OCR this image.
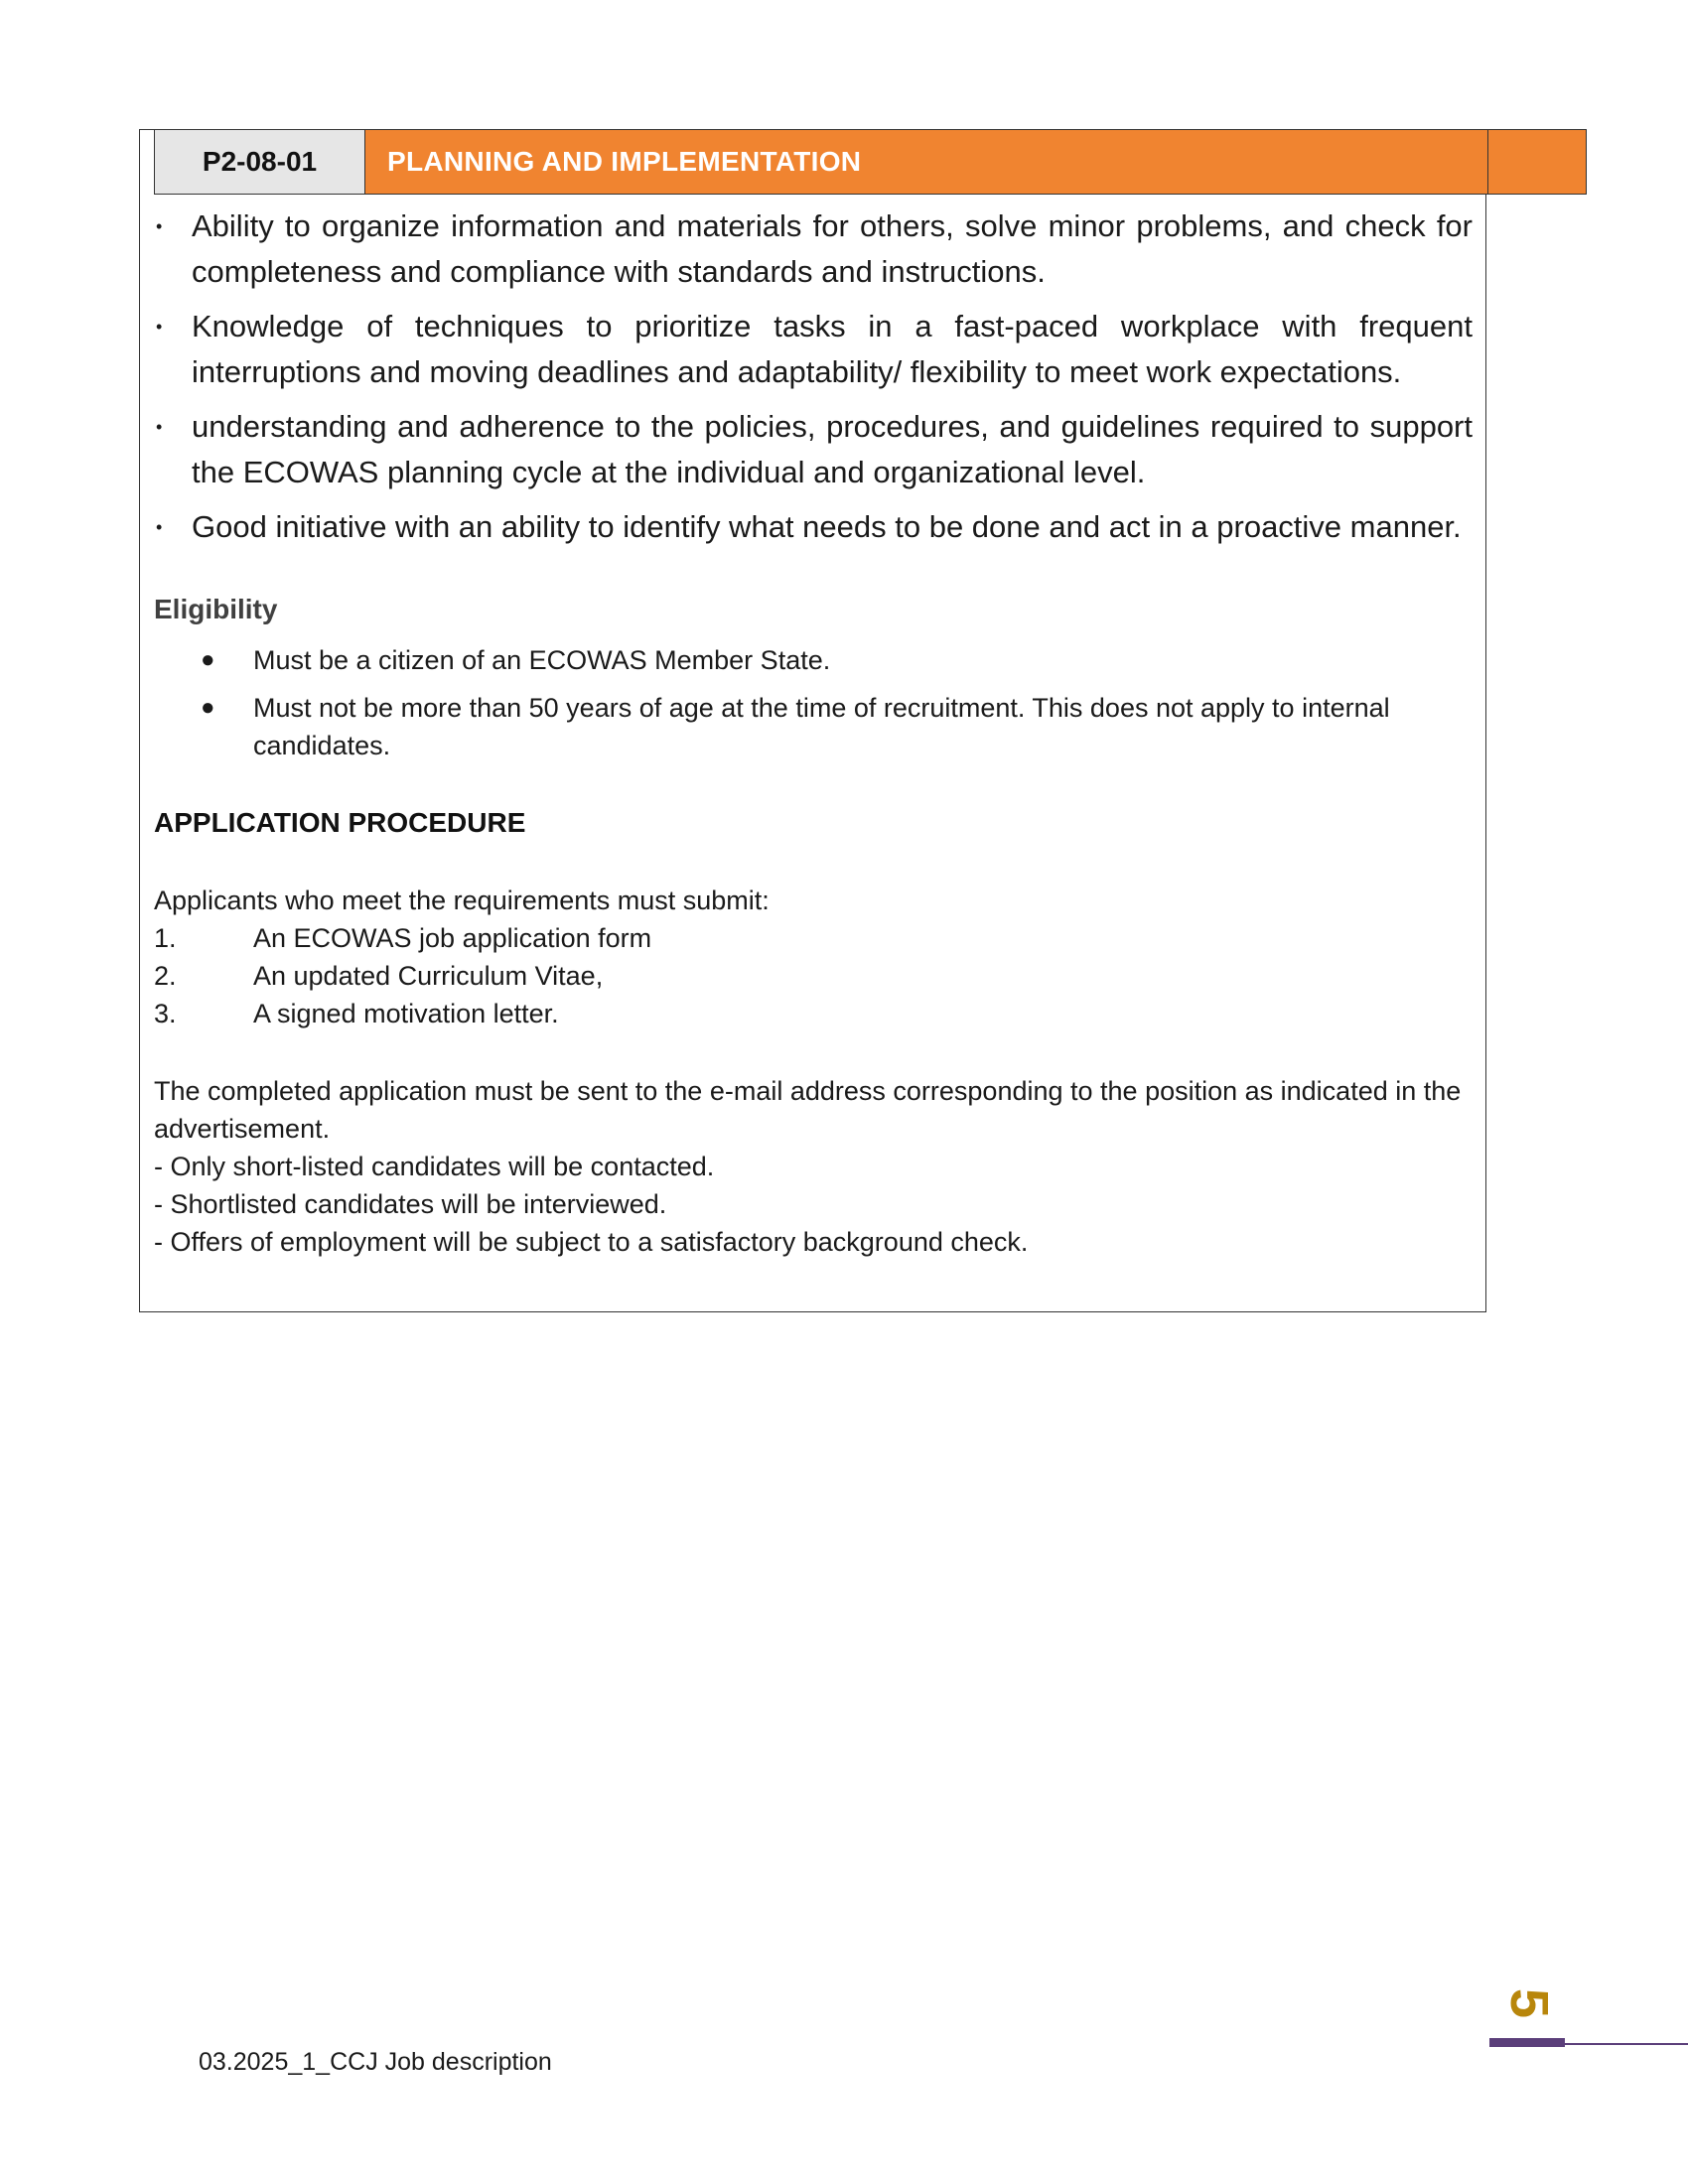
P2-08-01	PLANNING AND IMPLEMENTATION
• Ability to organize information and materials for others, solve minor problems, and check for completeness and compliance with standards and instructions.
• Knowledge of techniques to prioritize tasks in a fast-paced workplace with frequent interruptions and moving deadlines and adaptability/ flexibility to meet work expectations.
• understanding and adherence to the policies, procedures, and guidelines required to support the ECOWAS planning cycle at the individual and organizational level.
• Good initiative with an ability to identify what needs to be done and act in a proactive manner.
Eligibility
● Must be a citizen of an ECOWAS Member State.
● Must not be more than 50 years of age at the time of recruitment. This does not apply to internal candidates.
APPLICATION PROCEDURE
Applicants who meet the requirements must submit:
1.	An ECOWAS job application form
2.	An updated Curriculum Vitae,
3.	A signed motivation letter.

The completed application must be sent to the e-mail address corresponding to the position as indicated in the advertisement.

- Only short-listed candidates will be contacted.

- Shortlisted candidates will be interviewed.

- Offers of employment will be subject to a satisfactory background check.

03.2025_1_CCJ Job description
5
